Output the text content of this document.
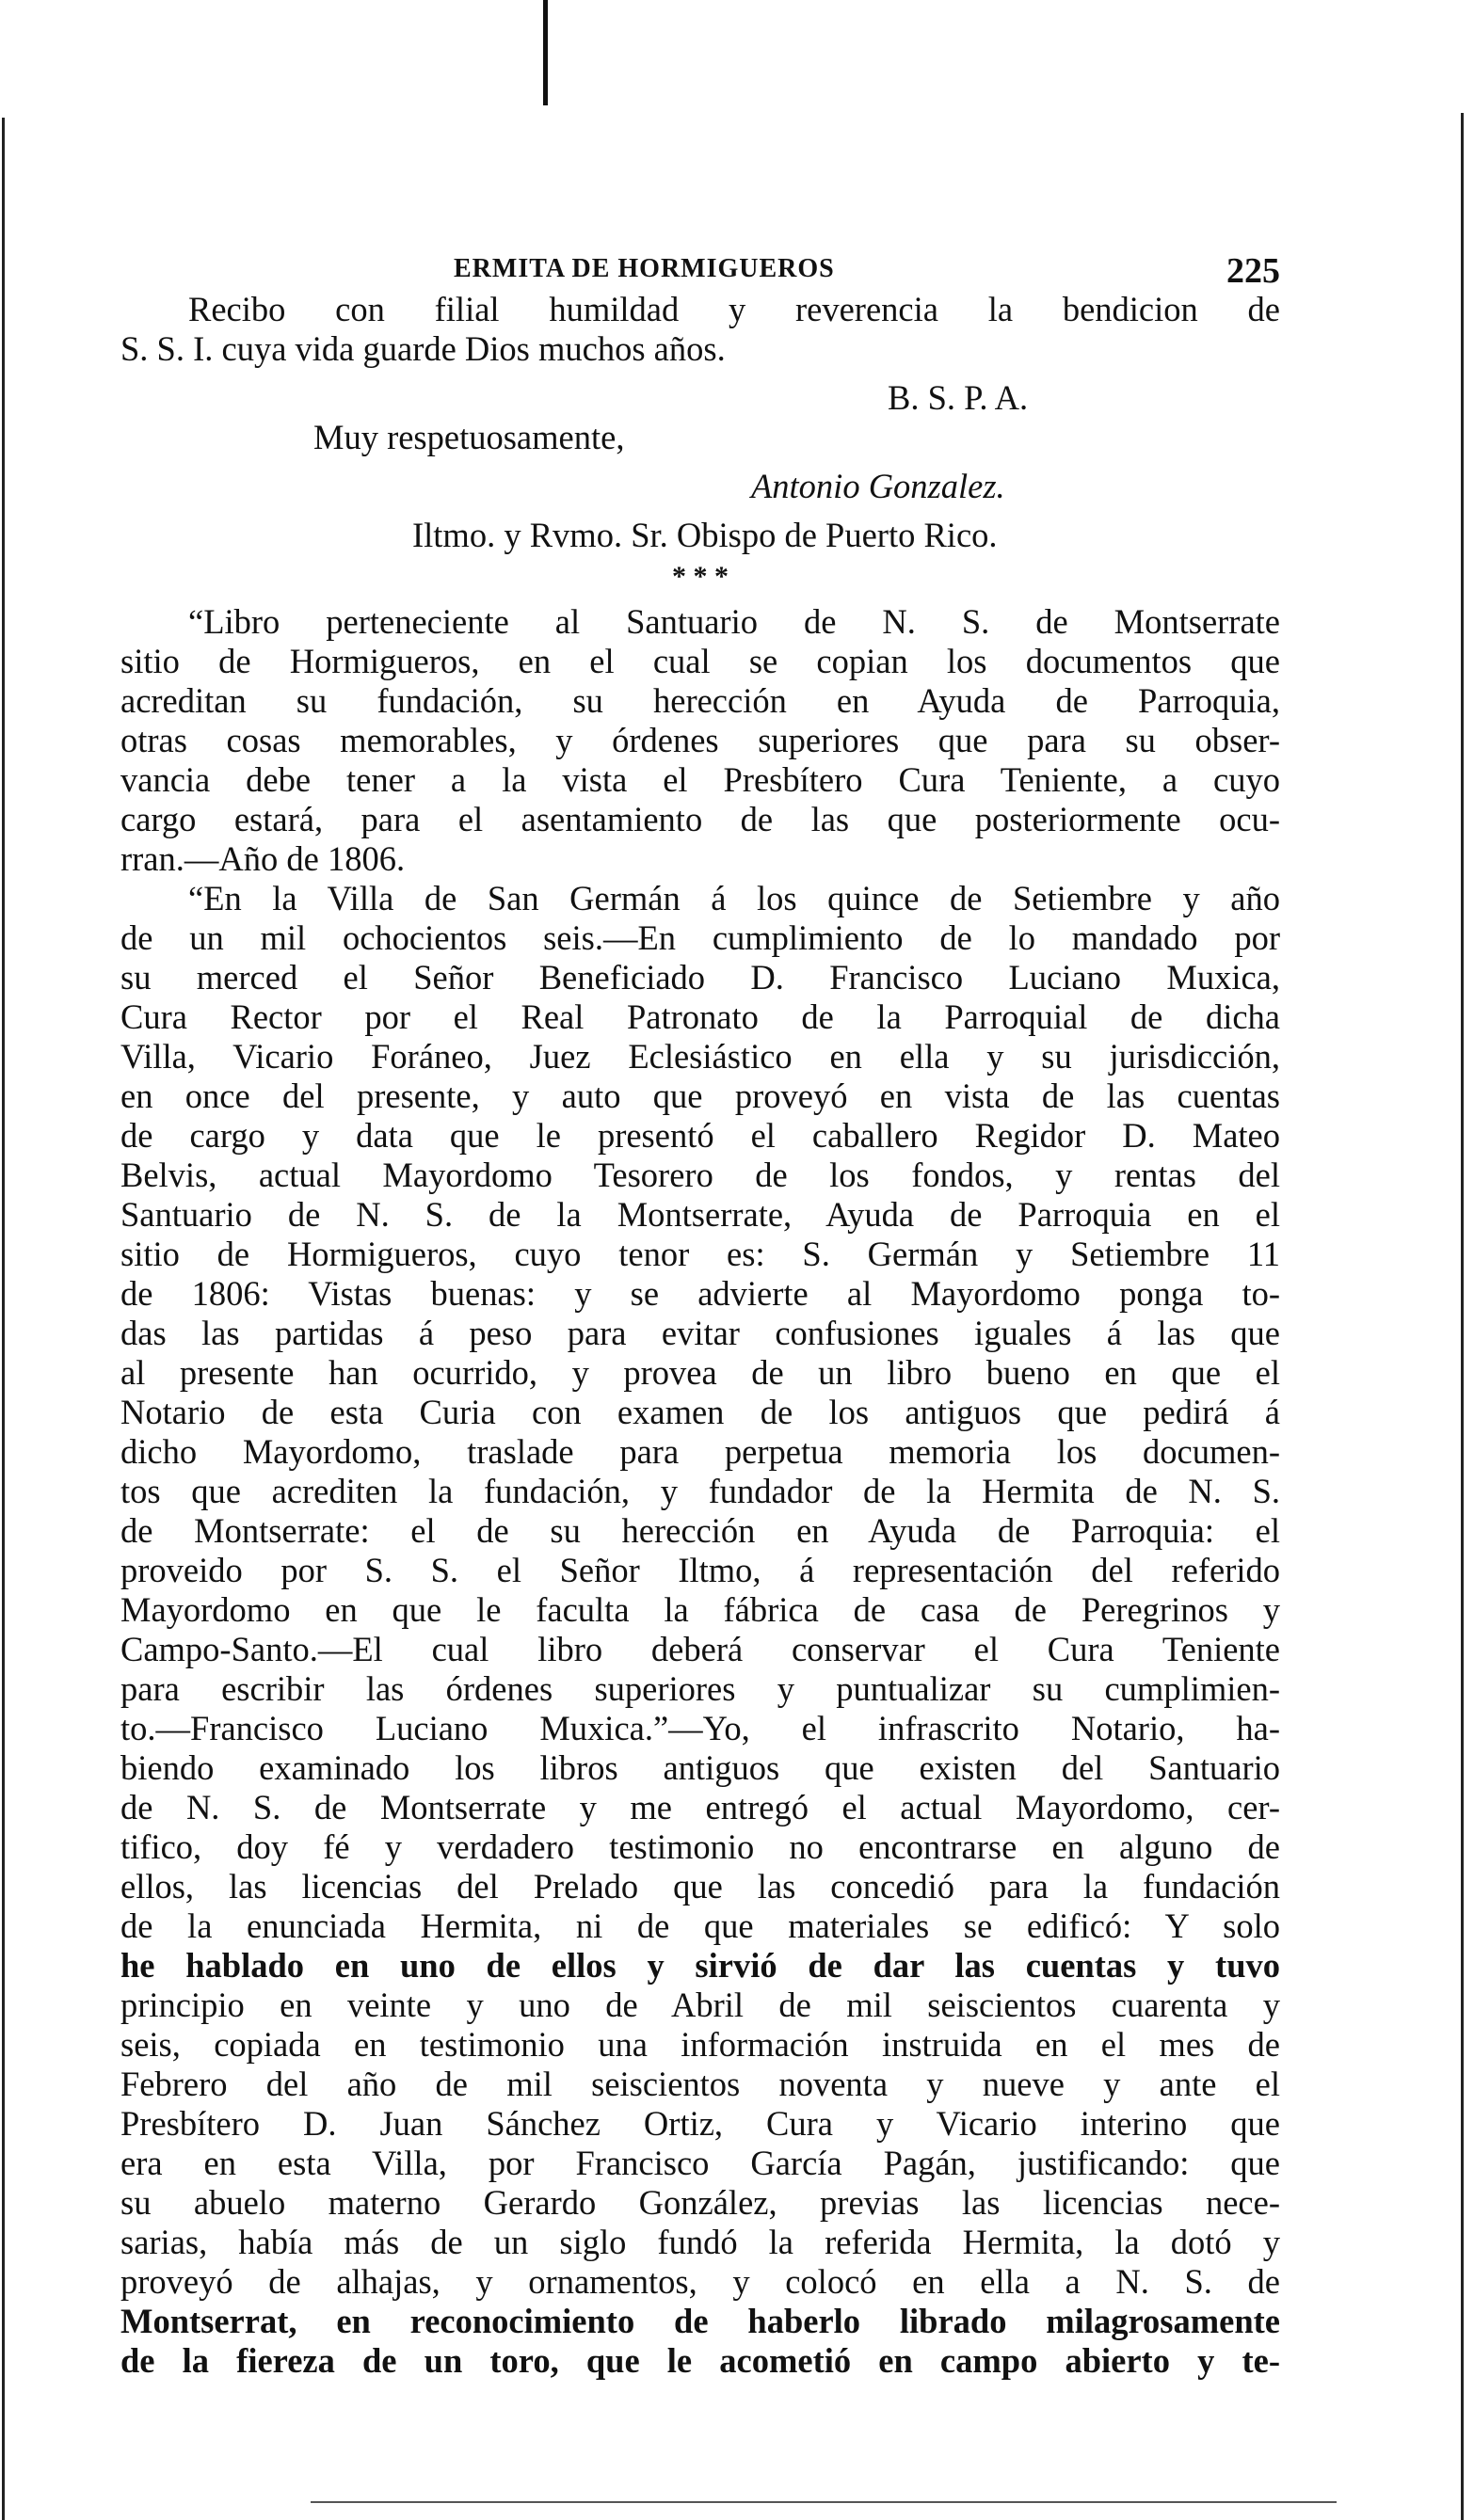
ERMITA DE HORMIGUEROS	225
Recibo con filial humildad y reverencia la bendicion de
S. S. I. cuya vida guarde Dios muchos años.
B. S. P. A.
Muy respetuosamente,
Antonio Gonzalez.
Iltmo. y Rvmo. Sr. Obispo de Puerto Rico.
* * *
“Libro perteneciente al Santuario de N. S. de Montserrate
sitio de Hormigueros, en el cual se copian los documentos que
acreditan su fundación, su herección en Ayuda de Parroquia,
otras cosas memorables, y órdenes superiores que para su obser-
vancia debe tener a la vista el Presbítero Cura Teniente, a cuyo
cargo estará, para el asentamiento de las que posteriormente ocu-
rran.—Año de 1806.
“En la Villa de San Germán á los quince de Setiembre y año
de un mil ochocientos seis.—En cumplimiento de lo mandado por
su merced el Señor Beneficiado D. Francisco Luciano Muxica,
Cura Rector por el Real Patronato de la Parroquial de dicha
Villa, Vicario Foráneo, Juez Eclesiástico en ella y su jurisdicción,
en once del presente, y auto que proveyó en vista de las cuentas
de cargo y data que le presentó el caballero Regidor D. Mateo
Belvis, actual Mayordomo Tesorero de los fondos, y rentas del
Santuario de N. S. de la Montserrate, Ayuda de Parroquia en el
sitio de Hormigueros, cuyo tenor es: S. Germán y Setiembre 11
de 1806: Vistas buenas: y se advierte al Mayordomo ponga to-
das las partidas á peso para evitar confusiones iguales á las que
al presente han ocurrido, y provea de un libro bueno en que el
Notario de esta Curia con examen de los antiguos que pedirá á
dicho Mayordomo, traslade para perpetua memoria los documen-
tos que acrediten la fundación, y fundador de la Hermita de N. S.
de Montserrate: el de su herección en Ayuda de Parroquia: el
proveido por S. S. el Señor Iltmo, á representación del referido
Mayordomo en que le faculta la fábrica de casa de Peregrinos y
Campo-Santo.—El cual libro deberá conservar el Cura Teniente
para escribir las órdenes superiores y puntualizar su cumplimien-
to.—Francisco Luciano Muxica.”—Yo, el infrascrito Notario, ha-
biendo examinado los libros antiguos que existen del Santuario
de N. S. de Montserrate y me entregó el actual Mayordomo, cer-
tifico, doy fé y verdadero testimonio no encontrarse en alguno de
ellos, las licencias del Prelado que las concedió para la fundación
de la enunciada Hermita, ni de que materiales se edificó: Y solo
he hablado en uno de ellos y sirvió de dar las cuentas y tuvo
principio en veinte y uno de Abril de mil seiscientos cuarenta y
seis, copiada en testimonio una información instruida en el mes de
Febrero del año de mil seiscientos noventa y nueve y ante el
Presbítero D. Juan Sánchez Ortiz, Cura y Vicario interino que
era en esta Villa, por Francisco García Pagán, justificando: que
su abuelo materno Gerardo González, previas las licencias nece-
sarias, había más de un siglo fundó la referida Hermita, la dotó y
proveyó de alhajas, y ornamentos, y colocó en ella a N. S. de
Montserrat, en reconocimiento de haberlo librado milagrosamente
de la fiereza de un toro, que le acometió en campo abierto y te-
